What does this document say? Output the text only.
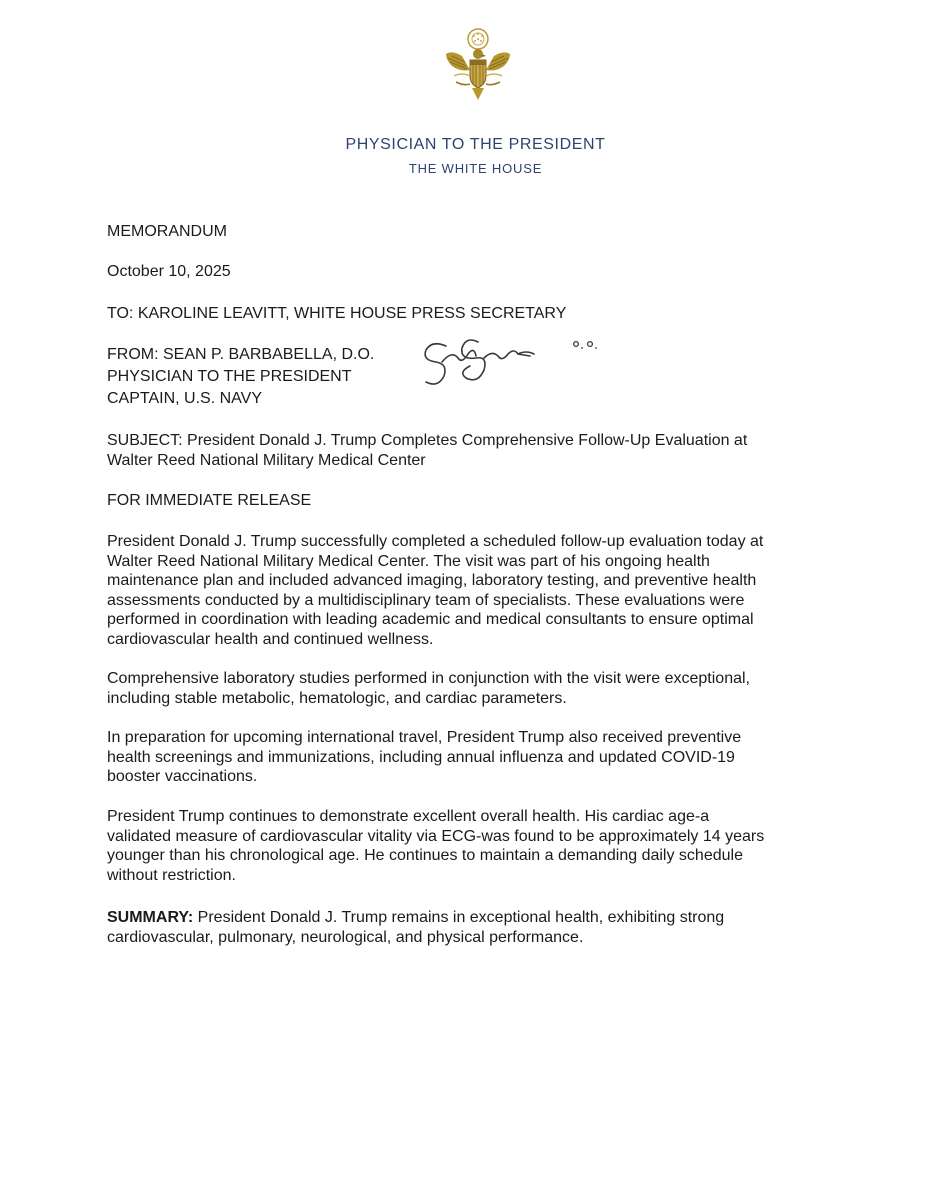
PHYSICIAN TO THE PRESIDENT
THE WHITE HOUSE
MEMORANDUM
October 10, 2025
TO: KAROLINE LEAVITT, WHITE HOUSE PRESS SECRETARY
FROM: SEAN P. BARBABELLA, D.O.
PHYSICIAN TO THE PRESIDENT
CAPTAIN, U.S. NAVY
SUBJECT: President Donald J. Trump Completes Comprehensive Follow-Up Evaluation at
Walter Reed National Military Medical Center
FOR IMMEDIATE RELEASE
President Donald J. Trump successfully completed a scheduled follow-up evaluation today at
Walter Reed National Military Medical Center. The visit was part of his ongoing health
maintenance plan and included advanced imaging, laboratory testing, and preventive health
assessments conducted by a multidisciplinary team of specialists. These evaluations were
performed in coordination with leading academic and medical consultants to ensure optimal
cardiovascular health and continued wellness.
Comprehensive laboratory studies performed in conjunction with the visit were exceptional,
including stable metabolic, hematologic, and cardiac parameters.
In preparation for upcoming international travel, President Trump also received preventive
health screenings and immunizations, including annual influenza and updated COVID-19
booster vaccinations.
President Trump continues to demonstrate excellent overall health. His cardiac age-a
validated measure of cardiovascular vitality via ECG-was found to be approximately 14 years
younger than his chronological age. He continues to maintain a demanding daily schedule
without restriction.
SUMMARY: President Donald J. Trump remains in exceptional health, exhibiting strong
cardiovascular, pulmonary, neurological, and physical performance.
